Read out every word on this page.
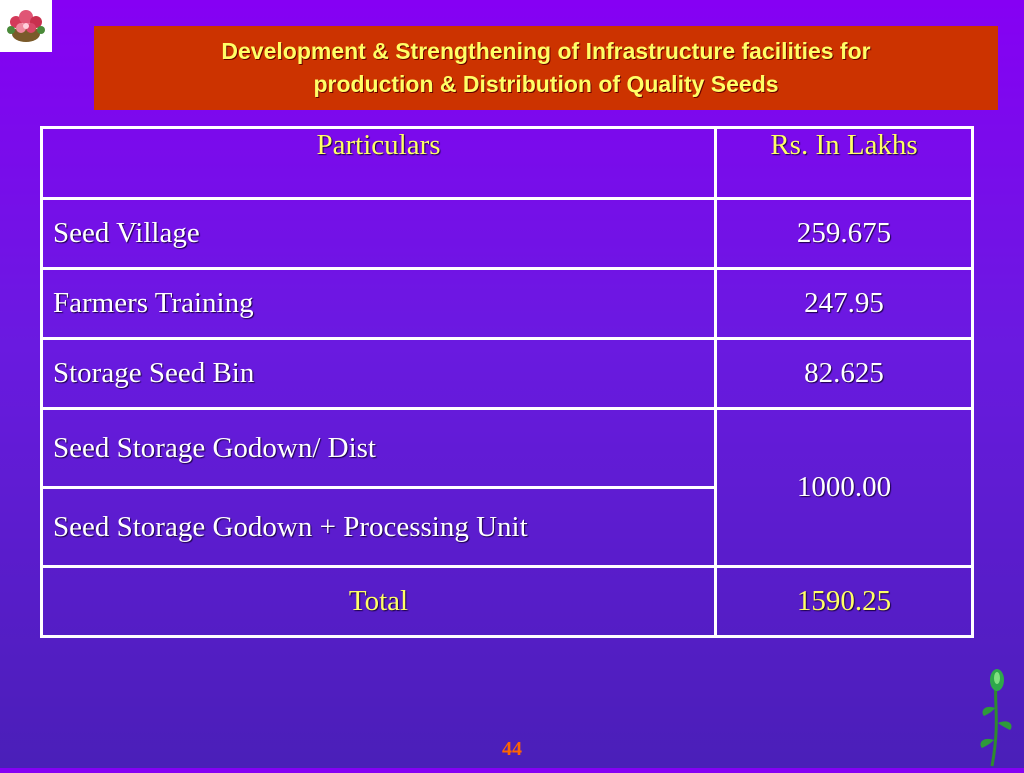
Development & Strengthening of Infrastructure facilities for
production & Distribution of Quality Seeds
Particulars	Rs. In Lakhs
Seed Village	259.675
Farmers Training	247.95
Storage Seed Bin	82.625
Seed Storage Godown/ Dist	1000.00
Seed Storage Godown + Processing Unit	
Total	1590.25
44
